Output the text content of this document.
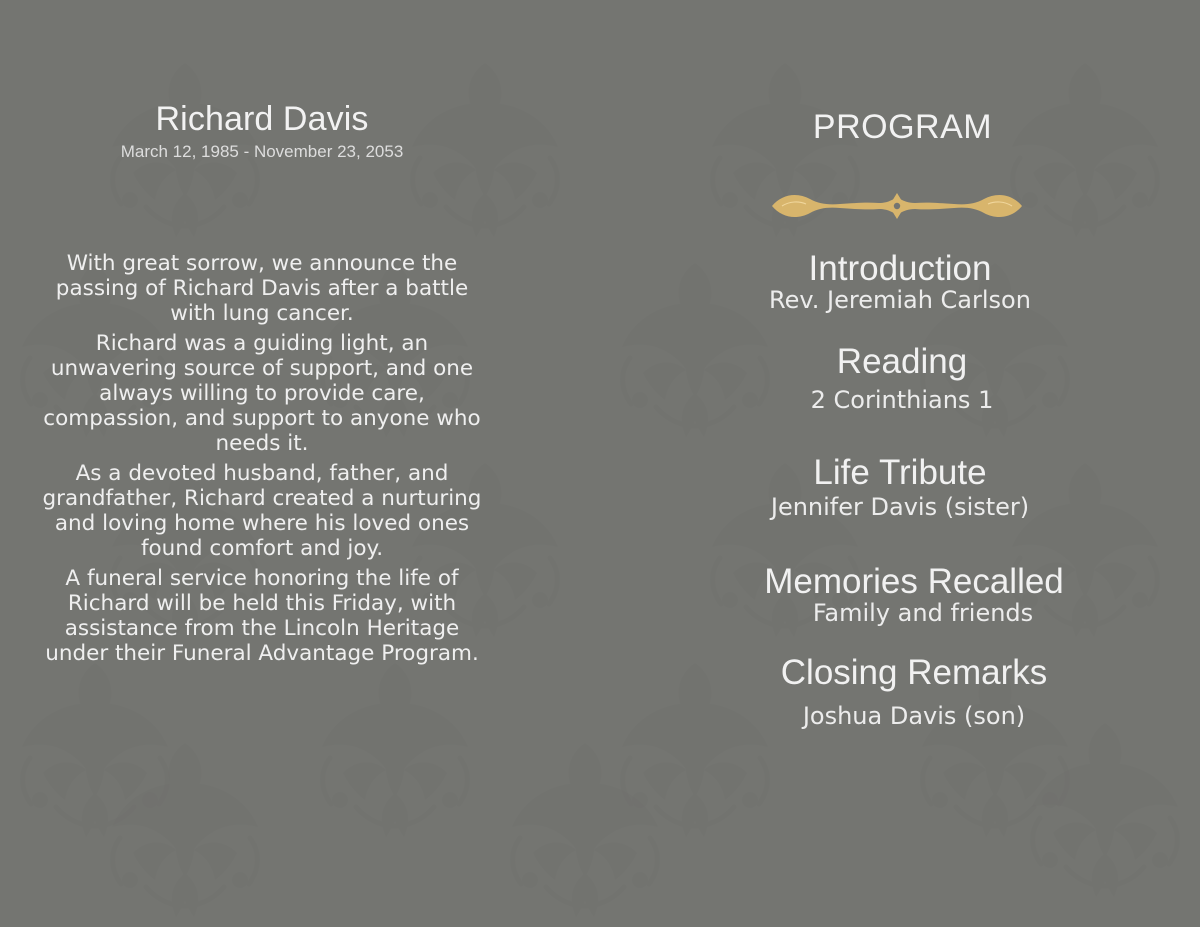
Richard Davis
March 12, 1985 - November 23, 2053

With great sorrow, we announce the passing of Richard Davis after a battle with lung cancer.

Richard was a guiding light, an unwavering source of support, and one always willing to provide care, compassion, and support to anyone who needs it.

As a devoted husband, father, and grandfather, Richard created a nurturing and loving home where his loved ones found comfort and joy.

A funeral service honoring the life of Richard will be held this Friday, with assistance from the Lincoln Heritage under their Funeral Advantage Program.

PROGRAM
Introduction
Rev. Jeremiah Carlson
Reading
2 Corinthians 1
Life Tribute
Jennifer Davis (sister)
Memories Recalled
Family and friends
Closing Remarks
Joshua Davis (son)
